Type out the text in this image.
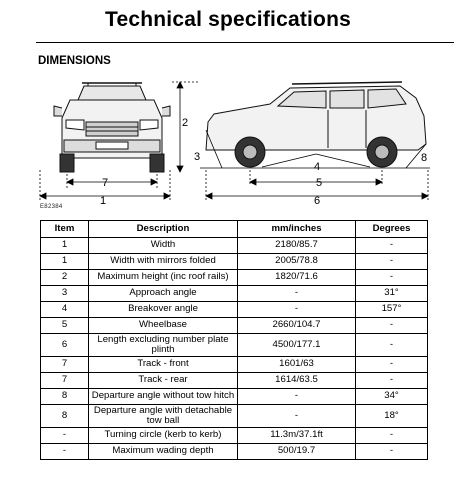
Technical specifications
DIMENSIONS
2
7
1
3
4
5
6
8
E82384
Item	Description	mm/inches	Degrees
1	Width	2180/85.7	-
1	Width with mirrors folded	2005/78.8	-
2	Maximum height (inc roof rails)	1820/71.6	-
3	Approach angle	-	31°
4	Breakover angle	-	157°
5	Wheelbase	2660/104.7	-
6	Length excluding number plate plinth	4500/177.1	-
7	Track - front	1601/63	-
7	Track - rear	1614/63.5	-
8	Departure angle without tow hitch	-	34°
8	Departure angle with detachable tow ball	-	18°
-	Turning circle (kerb to kerb)	11.3m/37.1ft	-
-	Maximum wading depth	500/19.7	-
